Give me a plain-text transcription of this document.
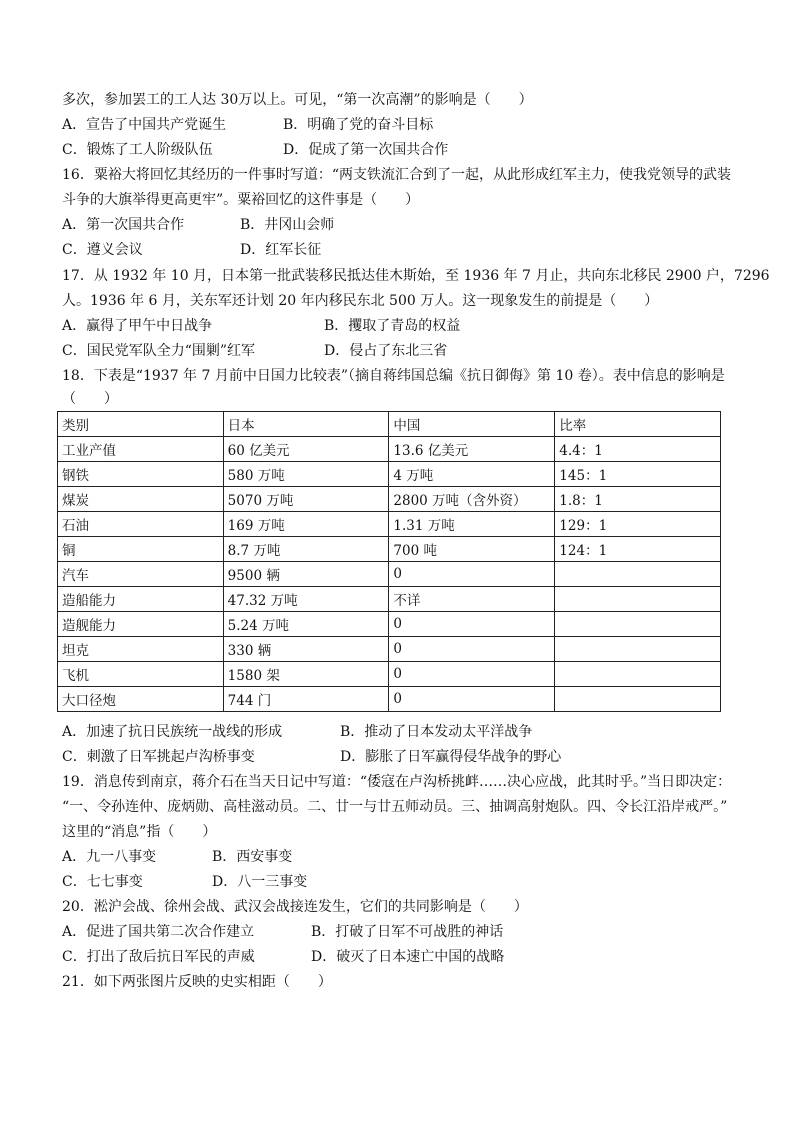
多次，参加罢工的工人达 30万以上。可见，“第一次高潮”的影响是（　　）
A．宣告了中国共产党诞生	B．明确了党的奋斗目标
C．锻炼了工人阶级队伍	D．促成了第一次国共合作
16．粟裕大将回忆其经历的一件事时写道：“两支铁流汇合到了一起，从此形成红军主力，使我党领导的武装
斗争的大旗举得更高更牢”。粟裕回忆的这件事是（　　）
A．第一次国共合作	B．井冈山会师
C．遵义会议	D．红军长征
17．从 1932 年 10 月，日本第一批武装移民抵达佳木斯始，至 1936 年 7 月止，共向东北移民 2900 户，7296
人。1936 年 6 月，关东军还计划 20 年内移民东北 500 万人。这一现象发生的前提是（　　）
A．赢得了甲午中日战争	B．攫取了青岛的权益
C．国民党军队全力“围剿”红军	D．侵占了东北三省
18．下表是“1937 年 7 月前中日国力比较表”（摘自蒋纬国总编《抗日御侮》第 10 卷）。表中信息的影响是
（　　）
类别	日本	中国	比率
工业产值	60 亿美元	13.6 亿美元	4.4：1
钢铁	580 万吨	4 万吨	145：1
煤炭	5070 万吨	2800 万吨（含外资）	1.8：1
石油	169 万吨	1.31 万吨	129：1
铜	8.7 万吨	700 吨	124：1
汽车	9500 辆	0	
造船能力	47.32 万吨	不详	
造舰能力	5.24 万吨	0	
坦克	330 辆	0	
飞机	1580 架	0	
大口径炮	744 门	0	
A．加速了抗日民族统一战线的形成	B．推动了日本发动太平洋战争
C．刺激了日军挑起卢沟桥事变	D．膨胀了日军赢得侵华战争的野心
19．消息传到南京，蒋介石在当天日记中写道：“倭寇在卢沟桥挑衅……决心应战，此其时乎。”当日即决定：
“一、令孙连仲、庞炳勋、高桂滋动员。二、廿一与廿五师动员。三、抽调高射炮队。四、令长江沿岸戒严。”
这里的“消息”指（　　）
A．九一八事变	B．西安事变
C．七七事变	D．八一三事变
20．淞沪会战、徐州会战、武汉会战接连发生，它们的共同影响是（　　）
A．促进了国共第二次合作建立	B．打破了日军不可战胜的神话
C．打出了敌后抗日军民的声威	D．破灭了日本速亡中国的战略
21．如下两张图片反映的史实相距（　　）
